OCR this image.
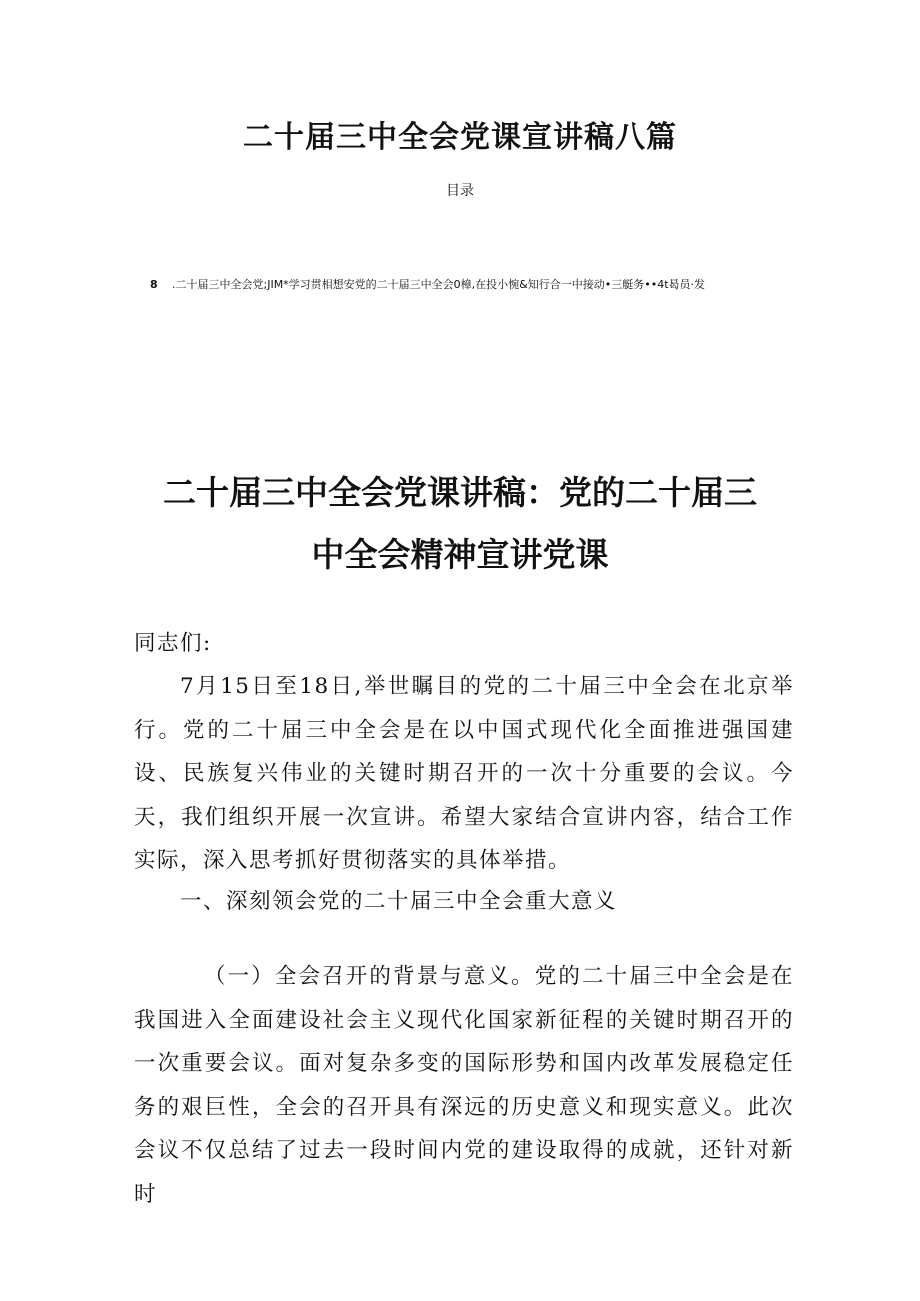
二十届三中全会党课宣讲稿八篇
目录
8 .二十届三中全会党;JIM*学习贯相想安党的二十届三中全会0樟,在投小惋&知行合一中接动•三艇务••4t曷员·发
二十届三中全会党课讲稿：党的二十届三
中全会精神宣讲党课

同志们:

7月15日至18日,举世瞩目的党的二十届三中全会在北京举行。党的二十届三中全会是在以中国式现代化全面推进强国建设、民族复兴伟业的关键时期召开的一次十分重要的会议。今天，我们组织开展一次宣讲。希望大家结合宣讲内容，结合工作实际，深入思考抓好贯彻落实的具体举措。

一、深刻领会党的二十届三中全会重大意义

（一）全会召开的背景与意义。党的二十届三中全会是在我国进入全面建设社会主义现代化国家新征程的关键时期召开的一次重要会议。面对复杂多变的国际形势和国内改革发展稳定任务的艰巨性，全会的召开具有深远的历史意义和现实意义。此次会议不仅总结了过去一段时间内党的建设取得的成就，还针对新时
